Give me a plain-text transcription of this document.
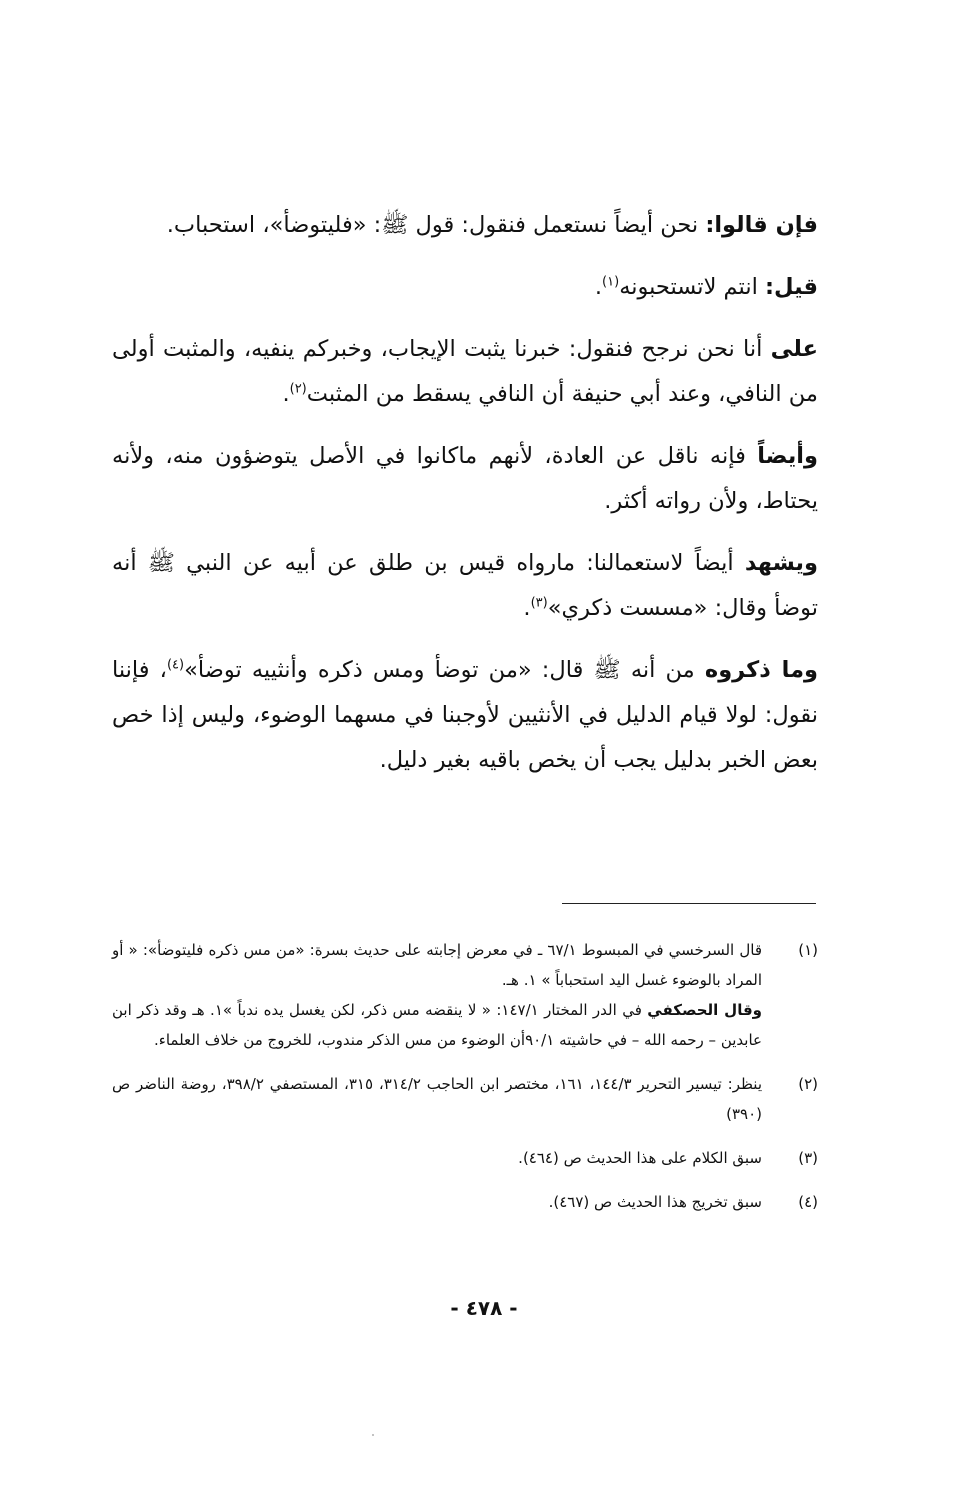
فإن قالوا: نحن أيضاً نستعمل فنقول: قول ﷺ: «فليتوضأ»، استحباب.

قيل: انتم لاتستحبونه$^{(١)}$.

على أنا نحن نرجح فنقول: خبرنا يثبت الإيجاب، وخبركم ينفيه، والمثبت أولى من النافي، وعند أبي حنيفة أن النافي يسقط من المثبت$^{(٢)}$.

وأيضاً فإنه ناقل عن العادة، لأنهم ماكانوا في الأصل يتوضؤون منه، ولأنه يحتاط، ولأن رواته أكثر.

ويشهد أيضاً لاستعمالنا: مارواه قيس بن طلق عن أبيه عن النبي ﷺ أنه توضأ وقال: «مسست ذكري»$^{(٣)}$.

وما ذكروه من أنه ﷺ قال: «من توضأ ومس ذكره وأنثييه توضأ»$^{(٤)}$، فإننا نقول: لولا قيام الدليل في الأنثيين لأوجبنا في مسهما الوضوء، وليس إذا خص بعض الخبر بدليل يجب أن يخص باقيه بغير دليل.

(١)
قال السرخسي في المبسوط ٦٧/١ ـ في معرض إجابته على حديث بسرة: «من مس ذكره فليتوضأ»: « أو المراد بالوضوء غسل اليد استحباباً » ١. هـ.
وقال الحصكفي في الدر المختار ١٤٧/١: « لا ينقضه مس ذكر، لكن يغسل يده ندباً »١. هـ وقد ذكر ابن عابدين – رحمه الله – في حاشيته ٩٠/١أن الوضوء من مس الذكر مندوب، للخروج من خلاف العلماء.
(٢)
ينظر: تيسير التحرير ١٤٤/٣، ١٦١، مختصر ابن الحاجب ٣١٤/٢، ٣١٥، المستصفي ٣٩٨/٢، روضة الناضر ص (٣٩٠)
(٣)
سبق الكلام على هذا الحديث ص (٤٦٤).
(٤)
سبق تخريج هذا الحديث ص (٤٦٧).
- ٤٧٨ -
